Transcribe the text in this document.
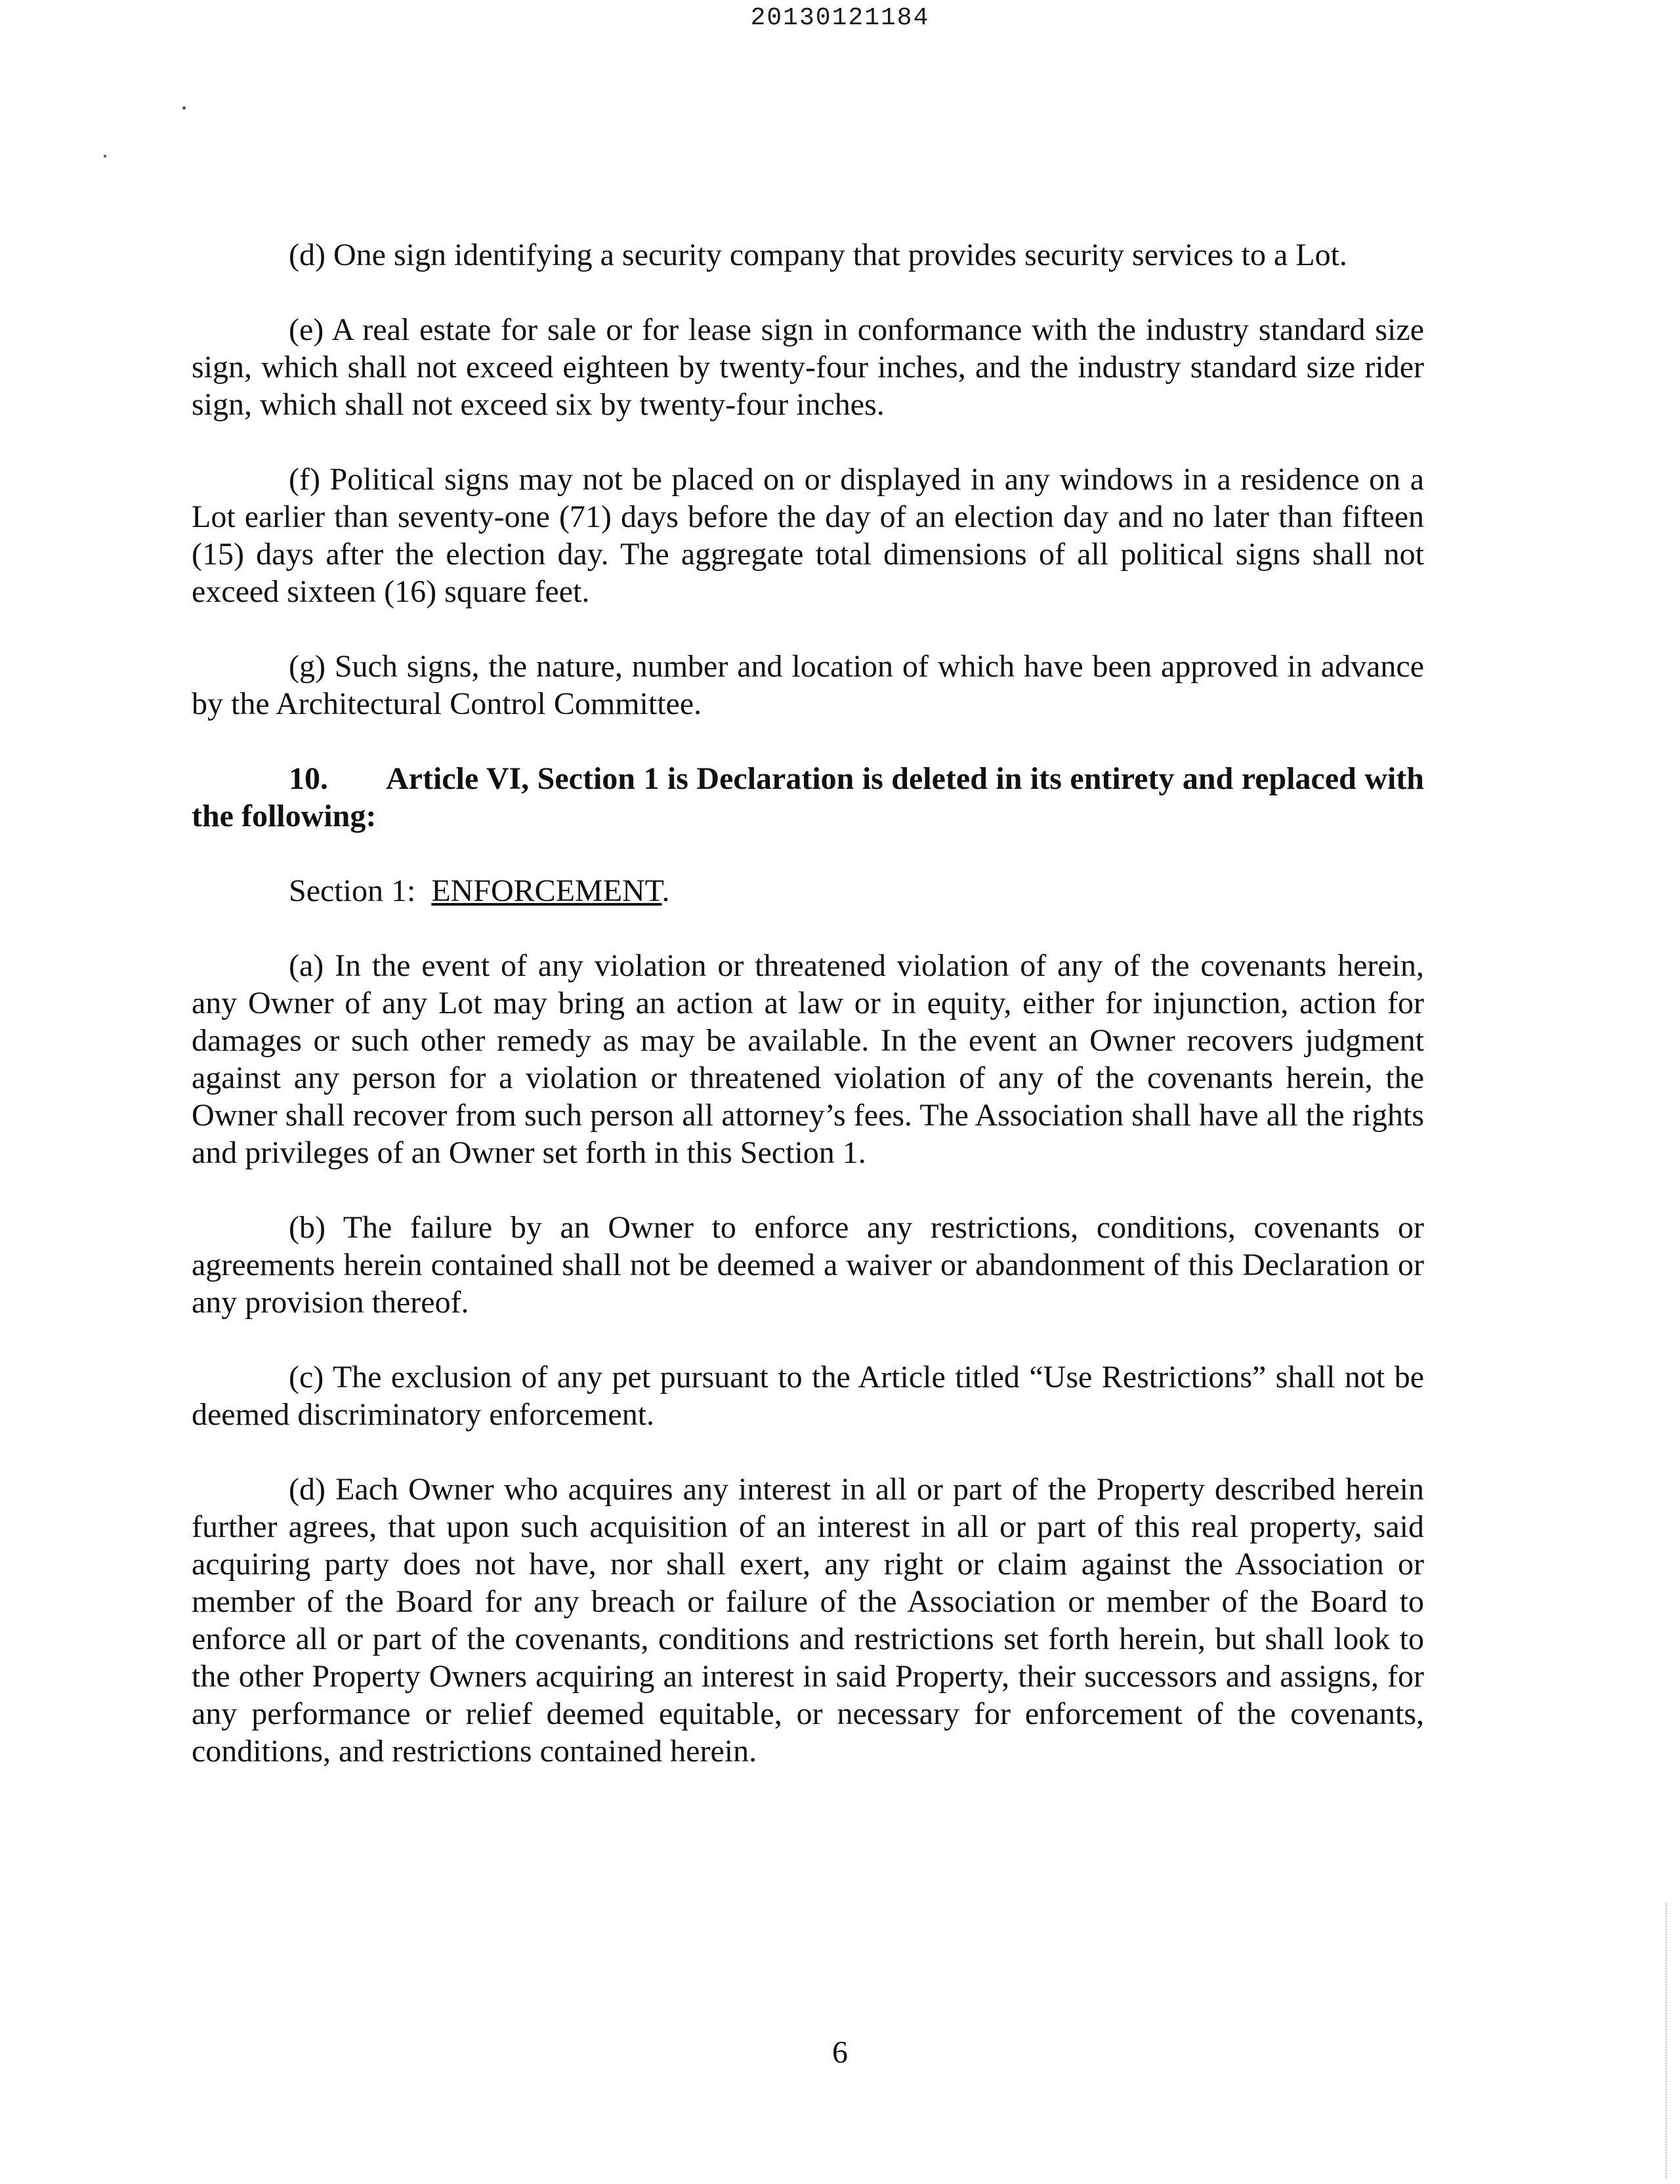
20130121184

(d) One sign identifying a security company that provides security services to a Lot.

(e) A real estate for sale or for lease sign in conformance with the industry standard size sign, which shall not exceed eighteen by twenty-four inches, and the industry standard size rider sign, which shall not exceed six by twenty-four inches.

(f) Political signs may not be placed on or displayed in any windows in a residence on a Lot earlier than seventy-one (71) days before the day of an election day and no later than fifteen (15) days after the election day. The aggregate total dimensions of all political signs shall not exceed sixteen (16) square feet.

(g) Such signs, the nature, number and location of which have been approved in advance by the Architectural Control Committee.

10. Article VI, Section 1 is Declaration is deleted in its entirety and replaced with the following:

Section 1: ENFORCEMENT.

(a) In the event of any violation or threatened violation of any of the covenants herein, any Owner of any Lot may bring an action at law or in equity, either for injunction, action for damages or such other remedy as may be available. In the event an Owner recovers judgment against any person for a violation or threatened violation of any of the covenants herein, the Owner shall recover from such person all attorney’s fees. The Association shall have all the rights and privileges of an Owner set forth in this Section 1.

(b) The failure by an Owner to enforce any restrictions, conditions, covenants or agreements herein contained shall not be deemed a waiver or abandonment of this Declaration or any provision thereof.

(c) The exclusion of any pet pursuant to the Article titled “Use Restrictions” shall not be deemed discriminatory enforcement.

(d) Each Owner who acquires any interest in all or part of the Property described herein further agrees, that upon such acquisition of an interest in all or part of this real property, said acquiring party does not have, nor shall exert, any right or claim against the Association or member of the Board for any breach or failure of the Association or member of the Board to enforce all or part of the covenants, conditions and restrictions set forth herein, but shall look to the other Property Owners acquiring an interest in said Property, their successors and assigns, for any performance or relief deemed equitable, or necessary for enforcement of the covenants, conditions, and restrictions contained herein.

6
